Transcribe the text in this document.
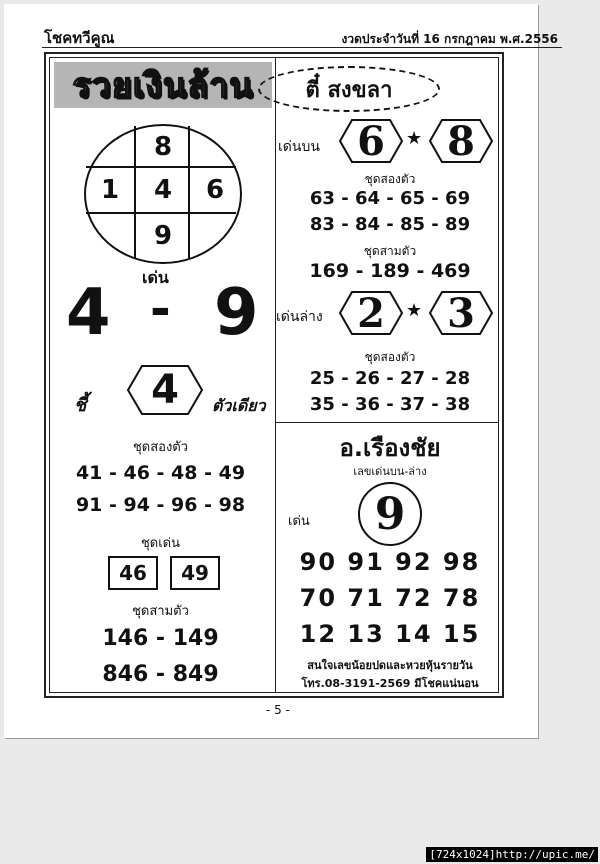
โชคทวีคูณ	งวดประจำวันที่ 16 กรกฎาคม พ.ศ.2556
รวยเงินล้าน
8
1	4	6
9
เด่น
4 - 9
ชี้	4	ตัวเดียว
ชุดสองตัว
41 - 46 - 48 - 49
91 - 94 - 96 - 98
ชุดเด่น
46	49
ชุดสามตัว
146 - 149
846 - 849
ตี๋ สงขลา
เด่นบน 6	★ 8
ชุดสองตัว
63 - 64 - 65 - 69
83 - 84 - 85 - 89
ชุดสามตัว
169 - 189 - 469
เด่นล่าง 2	★ 3
ชุดสองตัว
25 - 26 - 27 - 28
35 - 36 - 37 - 38
อ.เรืองชัย
เลขเด่นบน-ล่าง
เด่น	9
90 91 92 98
70 71 72 78
12 13 14 15
สนใจเลขน้อยปดและหวยหุ้นรายวัน
โทร.08-3191-2569 มีโชคแน่นอน
- 5 -
[724x1024]http://upic.me/
